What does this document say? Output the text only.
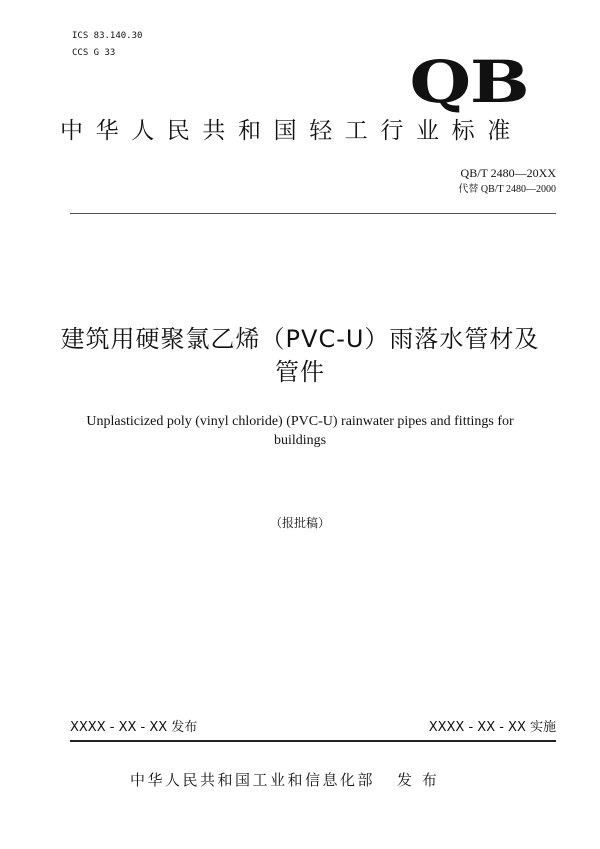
ICS 83.140.30
CCS G 33	QB
中华人民共和国轻工行业标准
QB/T 2480—20XX
代替 QB/T 2480—2000
建筑用硬聚氯乙烯（PVC-U）雨落水管材及
管件
Unplasticized poly (vinyl chloride) (PVC-U) rainwater pipes and fittings for
buildings
（报批稿）
XXXX - XX - XX 发布	XXXX - XX - XX 实施
中华人民共和国工业和信息化部 发 布
